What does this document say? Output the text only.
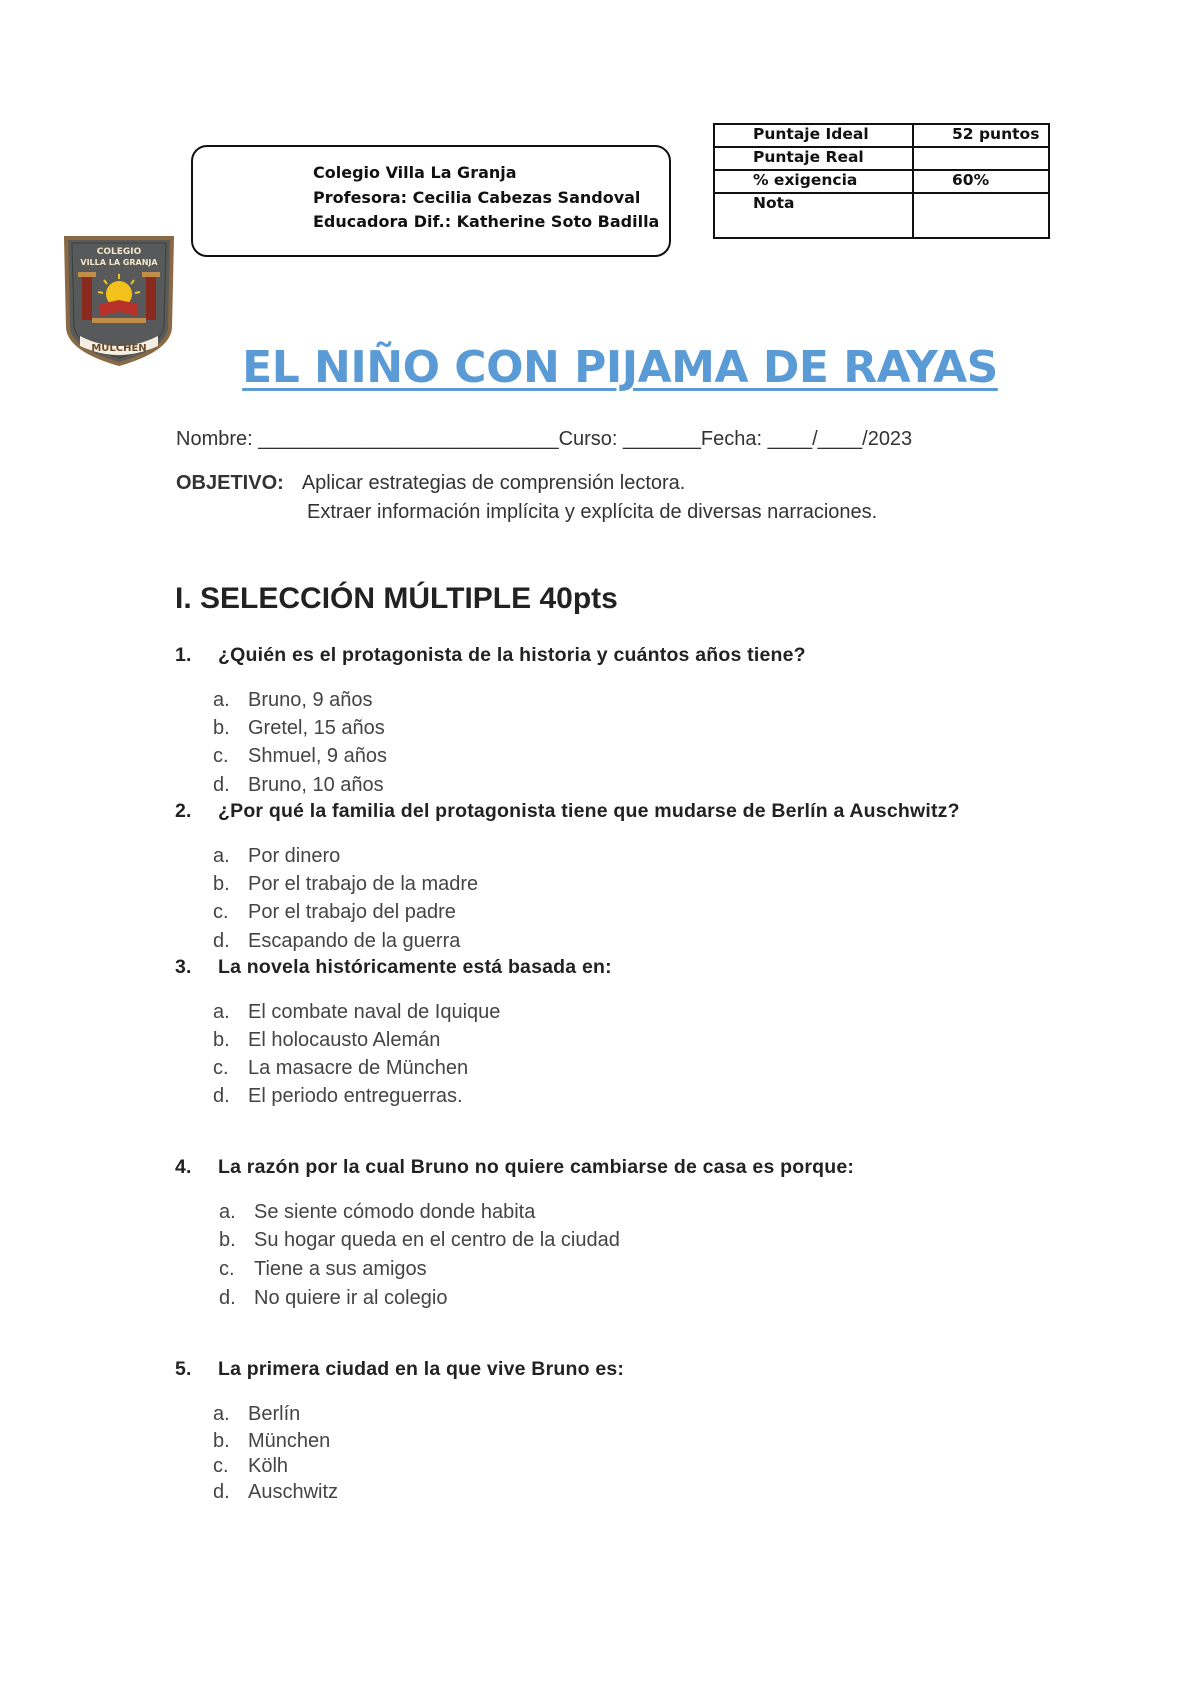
Colegio Villa La Granja
Profesora: Cecilia Cabezas Sandoval
Educadora Dif.: Katherine Soto Badilla
Puntaje Ideal	52 puntos
Puntaje Real	
% exigencia	60%
Nota	
COLEGIO
VILLA LA GRANJA
MULCHEN	EL NIÑO CON PIJAMA DE RAYAS
Nombre: ___________________________Curso: _______Fecha: ____/____/2023
OBJETIVO: Aplicar estrategias de comprensión lectora.
Extraer información implícita y explícita de diversas narraciones.
I. SELECCIÓN MÚLTIPLE 40pts
1. ¿Quién es el protagonista de la historia y cuántos años tiene?
a. Bruno, 9 años
b. Gretel, 15 años
c. Shmuel, 9 años
d. Bruno, 10 años
2. ¿Por qué la familia del protagonista tiene que mudarse de Berlín a Auschwitz?
a. Por dinero
b. Por el trabajo de la madre
c. Por el trabajo del padre
d. Escapando de la guerra
3. La novela históricamente está basada en:
a. El combate naval de Iquique
b. El holocausto Alemán
c. La masacre de München
d. El periodo entreguerras.
4. La razón por la cual Bruno no quiere cambiarse de casa es porque:
a. Se siente cómodo donde habita
b. Su hogar queda en el centro de la ciudad
c. Tiene a sus amigos
d. No quiere ir al colegio
5. La primera ciudad en la que vive Bruno es:
a. Berlín
b. München
c. Kölh
d. Auschwitz
